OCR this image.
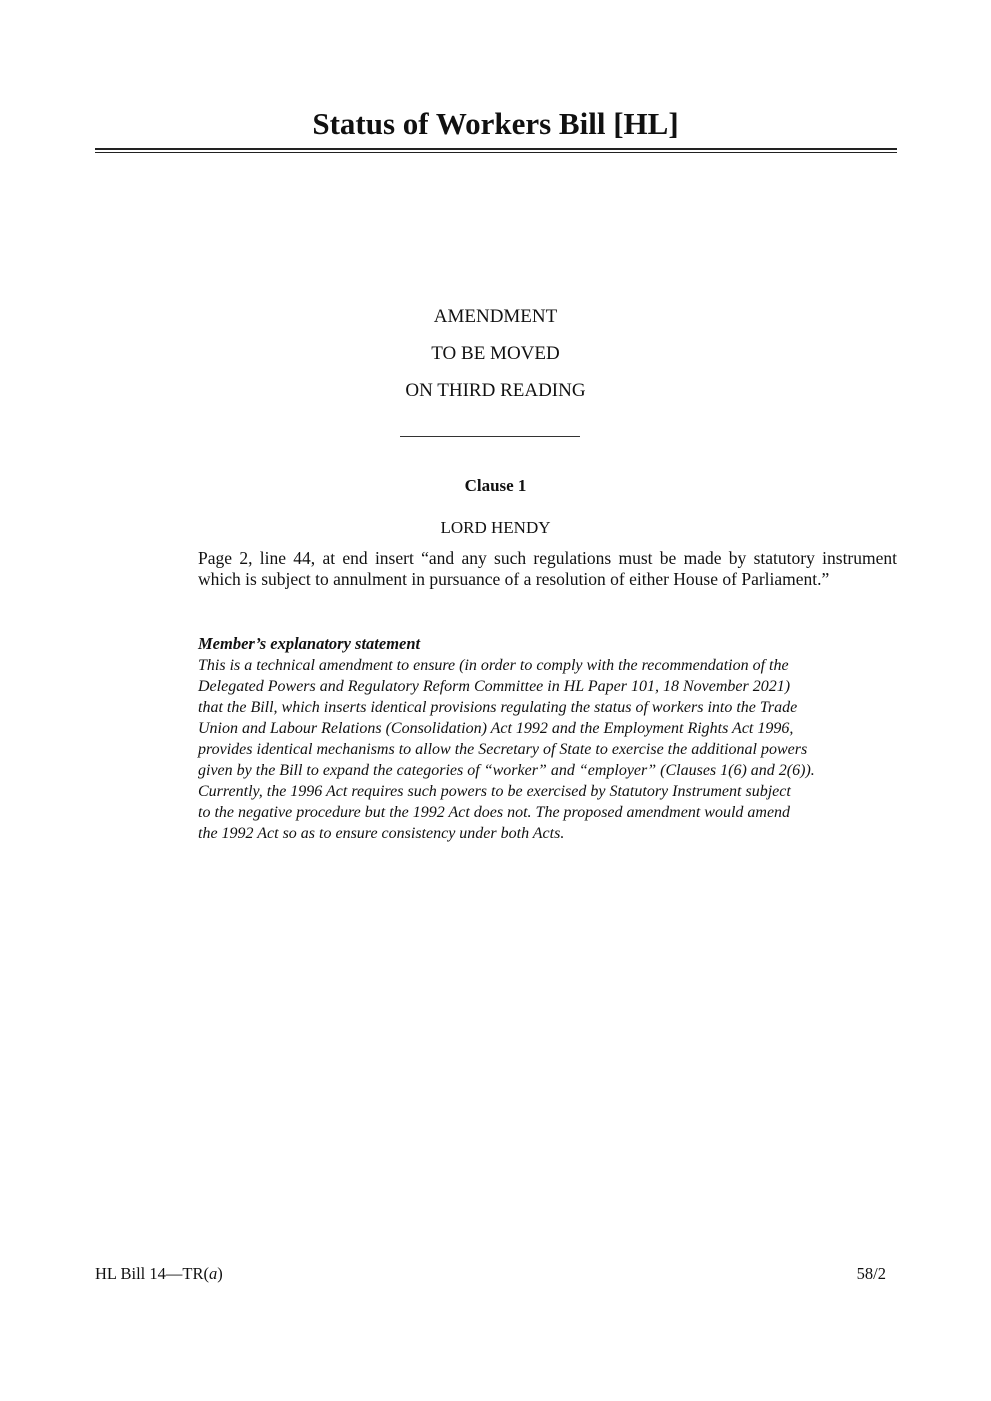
Status of Workers Bill [HL]
AMENDMENT
TO BE MOVED
ON THIRD READING
Clause 1
LORD HENDY
Page 2, line 44, at end insert “and any such regulations must be made by statutory instrument which is subject to annulment in pursuance of a resolution of either House of Parliament.”
Member’s explanatory statement
This is a technical amendment to ensure (in order to comply with the recommendation of the
Delegated Powers and Regulatory Reform Committee in HL Paper 101, 18 November 2021)
that the Bill, which inserts identical provisions regulating the status of workers into the Trade
Union and Labour Relations (Consolidation) Act 1992 and the Employment Rights Act 1996,
provides identical mechanisms to allow the Secretary of State to exercise the additional powers
given by the Bill to expand the categories of “worker” and “employer” (Clauses 1(6) and 2(6)).
Currently, the 1996 Act requires such powers to be exercised by Statutory Instrument subject
to the negative procedure but the 1992 Act does not. The proposed amendment would amend
the 1992 Act so as to ensure consistency under both Acts.
HL Bill 14—TR(a)	58/2
